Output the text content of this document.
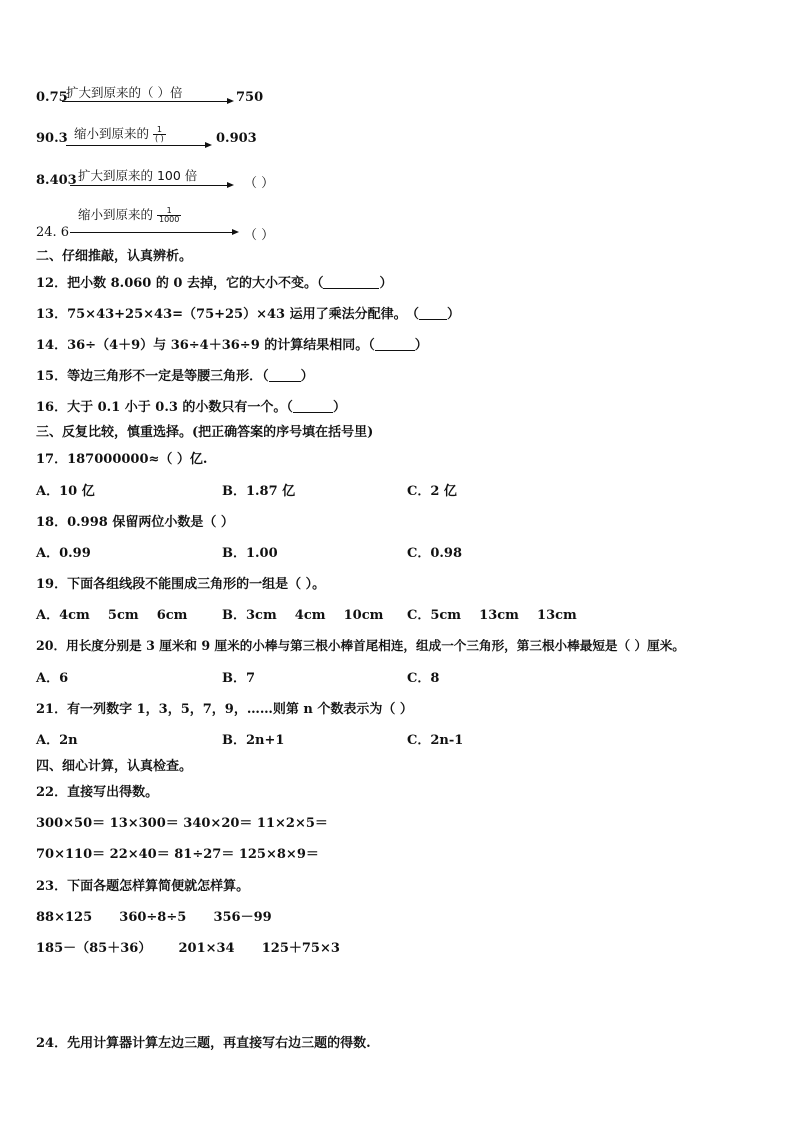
0.75
扩大到原来的（ ）倍	750
90.3 缩小到原来的 $\frac{1}{( )}$	0.903
8.403 扩大到原来的 100 倍
（ ）
24. 6
缩小到原来的 $\frac{1}{1000}$
（ ）
二、仔细推敲，认真辨析。
12．把小数 8.060 的 0 去掉，它的大小不变。（	）
13．75×43+25×43=（75+25）×43 运用了乘法分配律。 （ ）
14．36÷（4＋9）与 36÷4＋36÷9 的计算结果相同。（	）
15．等边三角形不一定是等腰三角形．（ ）
16．大于 0.1 小于 0.3 的小数只有一个。（	）
三、反复比较，慎重选择。(把正确答案的序号填在括号里)
17．187000000≈（ ）亿.
A．10 亿	B．1.87 亿	C．2 亿
18．0.998 保留两位小数是（ ）
A．0.99	B．1.00	C．0.98
19．下面各组线段不能围成三角形的一组是（ ）。
A．4cm    5cm    6cm	B．3cm    4cm    10cm C．5cm    13cm    13cm
20．用长度分别是 3 厘米和 9 厘米的小棒与第三根小棒首尾相连，组成一个三角形，第三根小棒最短是（ ）厘米。
A．6	B．7	C．8
21．有一列数字 1，3，5，7，9，……则第 n 个数表示为（ ）
A．2n	B．2n+1	C．2n-1
四、细心计算，认真检查。
22．直接写出得数。
300×50＝ 13×300＝ 340×20＝ 11×2×5＝
70×110＝ 22×40＝ 81÷27＝ 125×8×9＝
23．下面各题怎样算简便就怎样算。
88×125      360÷8÷5      356－99
185－（85＋36）      201×34      125＋75×3
24．先用计算器计算左边三题，再直接写右边三题的得数.
